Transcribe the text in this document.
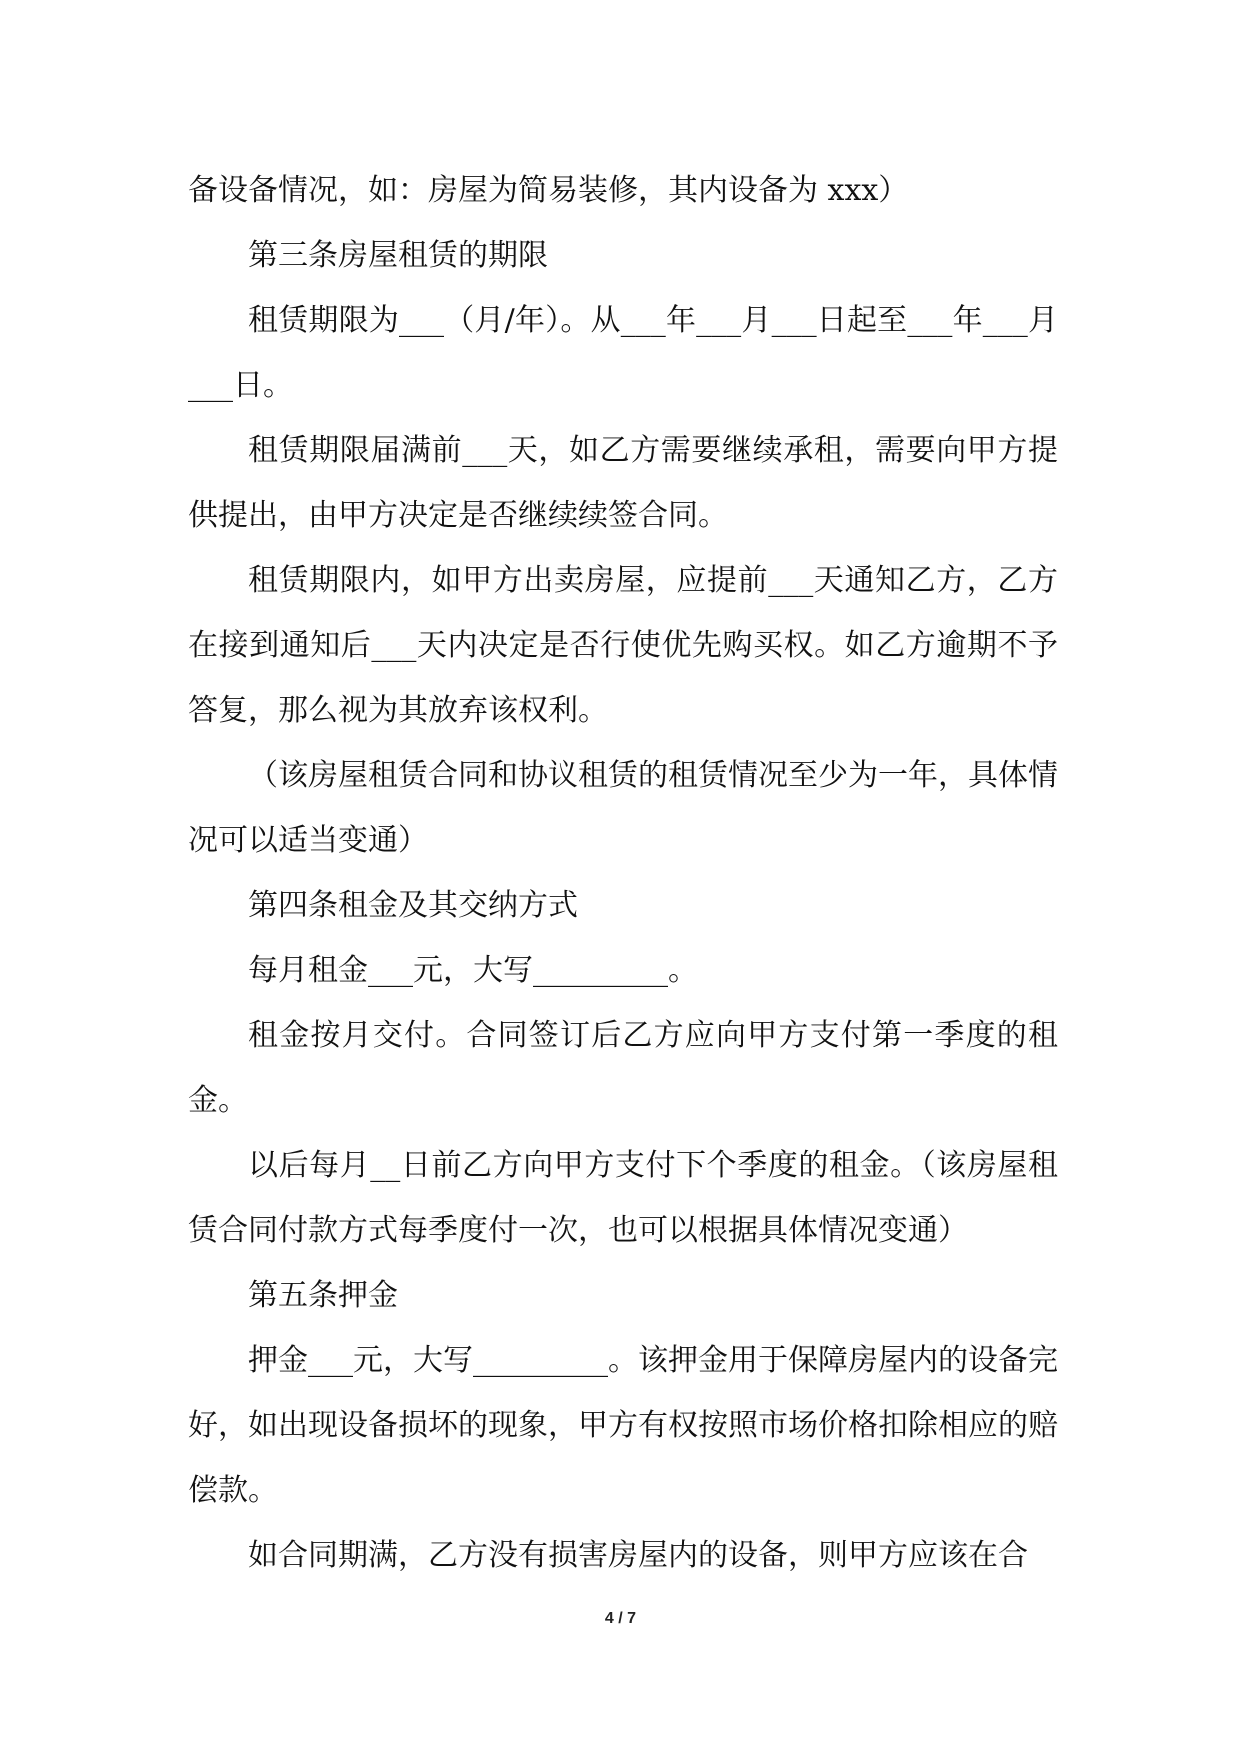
备设备情况，如：房屋为简易装修，其内设备为 xxx）

第三条房屋租赁的期限

租赁期限为___（月/年）。从___年___月___日起至___年___月___日。

租赁期限届满前___天，如乙方需要继续承租，需要向甲方提供提出，由甲方决定是否继续续签合同。

租赁期限内，如甲方出卖房屋，应提前___天通知乙方，乙方在接到通知后___天内决定是否行使优先购买权。如乙方逾期不予答复，那么视为其放弃该权利。

（该房屋租赁合同和协议租赁的租赁情况至少为一年，具体情况可以适当变通）

第四条租金及其交纳方式

每月租金___元，大写_________。

租金按月交付。合同签订后乙方应向甲方支付第一季度的租金。

以后每月__日前乙方向甲方支付下个季度的租金。（该房屋租赁合同付款方式每季度付一次，也可以根据具体情况变通）

第五条押金

押金___元，大写_________。该押金用于保障房屋内的设备完好，如出现设备损坏的现象，甲方有权按照市场价格扣除相应的赔偿款。

如合同期满，乙方没有损害房屋内的设备，则甲方应该在合

4 / 7
